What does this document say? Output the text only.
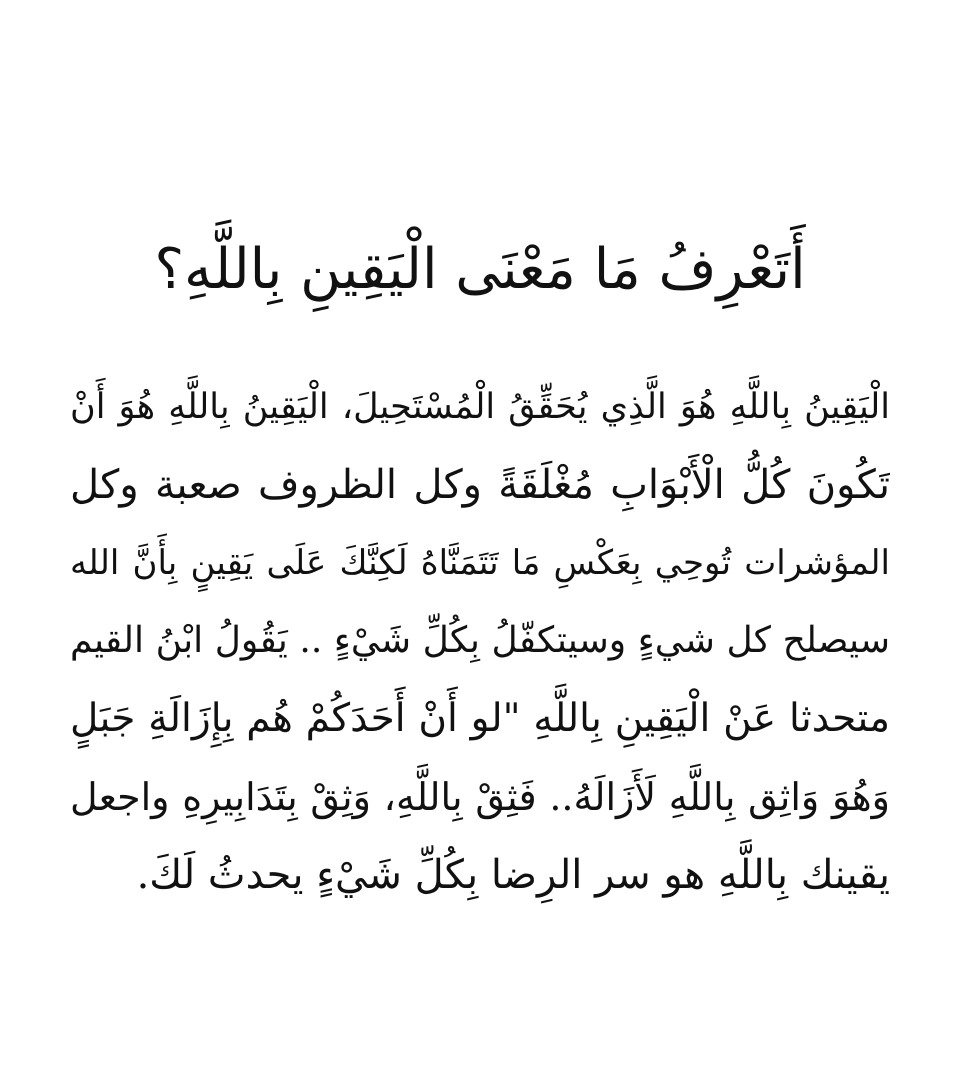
أَتَعْرِفُ مَا مَعْنَى الْيَقِينِ بِاللَّهِ؟
الْيَقِينُ بِاللَّهِ هُوَ الَّذِي يُحَقِّقُ الْمُسْتَحِيلَ، الْيَقِينُ بِاللَّهِ هُوَ أَنْ
تَكُونَ كُلُّ الْأَبْوَابِ مُغْلَقَةً وكل الظروف صعبة وكل
المؤشرات تُوحِي بِعَكْسِ مَا تَتَمَنَّاهُ لَكِنَّكَ عَلَى يَقِينٍ بِأَنَّ الله
سيصلح كل شيءٍ وسيتكفّلُ بِكُلِّ شَيْءٍ .. يَقُولُ ابْنُ القيم
متحدثا عَنْ الْيَقِينِ بِاللَّهِ "لو أَنْ أَحَدَكُمْ هُم بِإِزَالَةِ جَبَلٍ
وَهُوَ وَاثِق بِاللَّهِ لَأَزَالَهُ.. فَثِقْ بِاللَّهِ، وَثِقْ بِتَدَابِيرِهِ واجعل
يقينك بِاللَّهِ هو سر الرِضا بِكُلِّ شَيْءٍ يحدثُ لَكَ.
